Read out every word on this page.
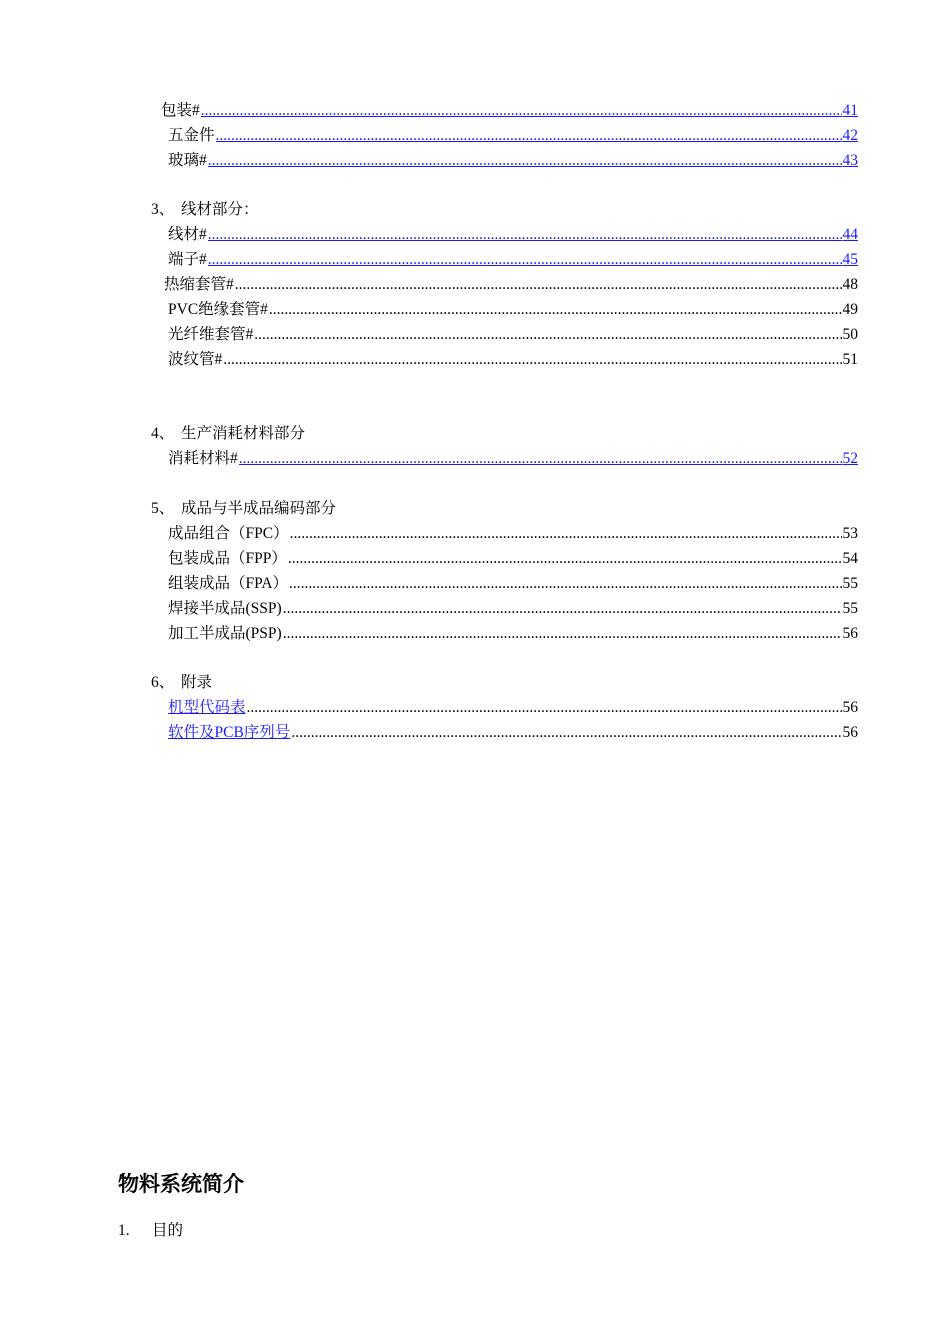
包装# .....	41
五金件 .....	42
玻璃# .....	43
3、 线材部分：
线材# .....	44
端子# .....	45
热缩套管# .....	48
PVC绝缘套管# .....	49
光纤维套管# .....	50
波纹管# .....	51
4、 生产消耗材料部分
消耗材料# .....	52
5、 成品与半成品编码部分
成品组合（FPC） .....	53
包装成品（FPP） .....	54
组装成品（FPA） .....	55
焊接半成品(SSP) .....	55
加工半成品(PSP) .....	56
6、 附录
机型代码表 .....	56
软件及PCB序列号 .....	56
物料系统简介
1. 目的
